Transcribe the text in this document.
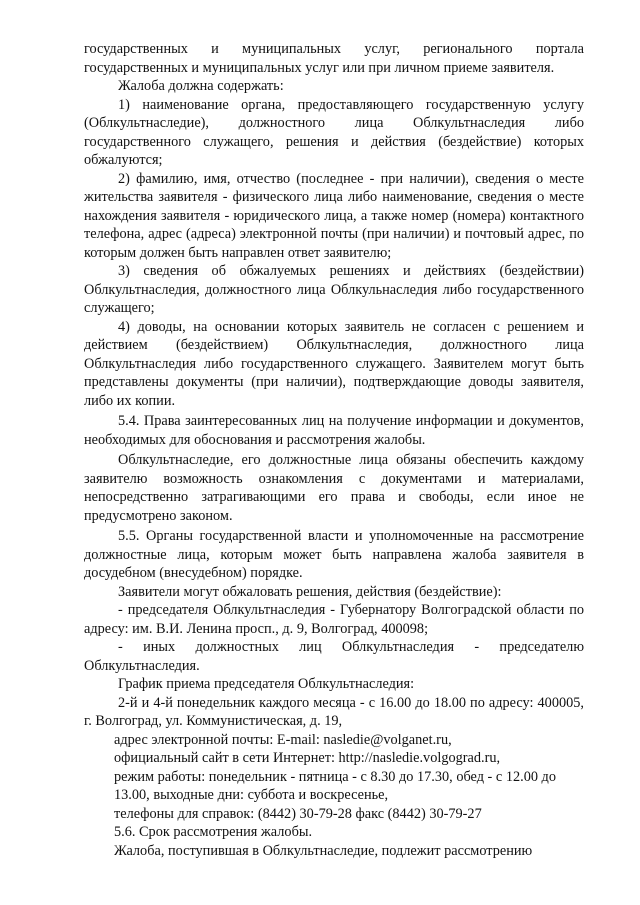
государственных и муниципальных услуг, регионального портала государственных и муниципальных услуг или при личном приеме заявителя.

Жалоба должна содержать:

1) наименование органа, предоставляющего государственную услугу (Облкультнаследие), должностного лица Облкультнаследия либо государственного служащего, решения и действия (бездействие) которых обжалуются;

2) фамилию, имя, отчество (последнее - при наличии), сведения о месте жительства заявителя - физического лица либо наименование, сведения о месте нахождения заявителя - юридического лица, а также номер (номера) контактного телефона, адрес (адреса) электронной почты (при наличии) и почтовый адрес, по которым должен быть направлен ответ заявителю;

3) сведения об обжалуемых решениях и действиях (бездействии) Облкультнаследия, должностного лица Облкульнаследия либо государственного служащего;

4) доводы, на основании которых заявитель не согласен с решением и действием (бездействием) Облкультнаследия, должностного лица Облкультнаследия либо государственного служащего. Заявителем могут быть представлены документы (при наличии), подтверждающие доводы заявителя, либо их копии.

5.4. Права заинтересованных лиц на получение информации и документов, необходимых для обоснования и рассмотрения жалобы.

Облкультнаследие, его должностные лица обязаны обеспечить каждому заявителю возможность ознакомления с документами и материалами, непосредственно затрагивающими его права и свободы, если иное не предусмотрено законом.

5.5. Органы государственной власти и уполномоченные на рассмотрение должностные лица, которым может быть направлена жалоба заявителя в досудебном (внесудебном) порядке.

Заявители могут обжаловать решения, действия (бездействие):

- председателя Облкультнаследия - Губернатору Волгоградской области по адресу: им. В.И. Ленина просп., д. 9, Волгоград, 400098;

- иных должностных лиц Облкультнаследия - председателю Облкультнаследия.

График приема председателя Облкультнаследия:

2-й и 4-й понедельник каждого месяца - с 16.00 до 18.00 по адресу: 400005, г. Волгоград, ул. Коммунистическая, д. 19,

адрес электронной почты: E-mail: nasledie@volganet.ru,

официальный сайт в сети Интернет: http://nasledie.volgograd.ru,

режим работы: понедельник - пятница - с 8.30 до 17.30, обед - с 12.00 до 13.00, выходные дни: суббота и воскресенье,

телефоны для справок: (8442) 30-79-28 факс (8442) 30-79-27

5.6. Срок рассмотрения жалобы.

Жалоба, поступившая в Облкультнаследие, подлежит рассмотрению
